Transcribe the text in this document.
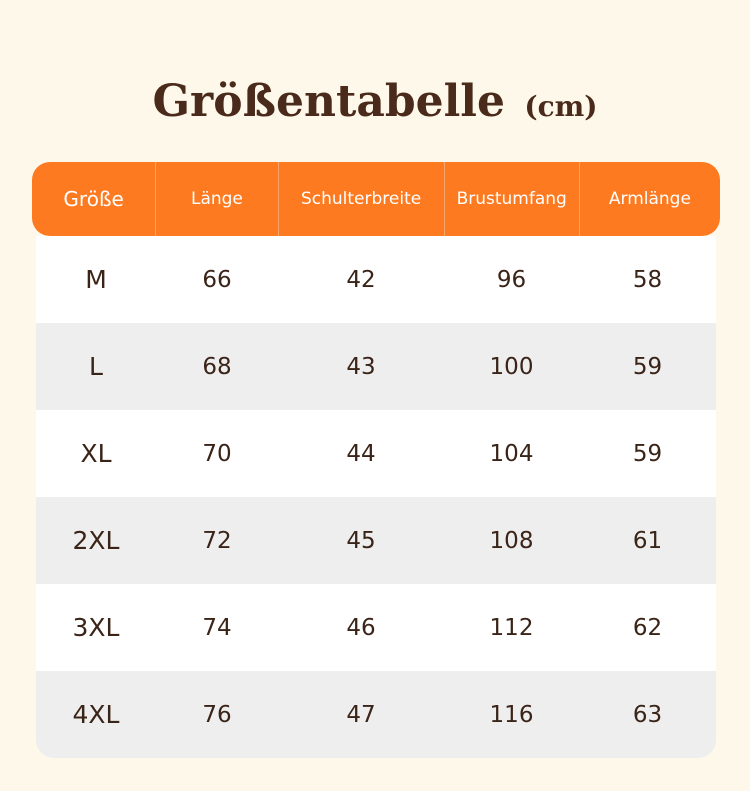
Größentabelle (cm)
Größe	Länge	Schulterbreite	Brustumfang	Armlänge
M	66	42	96	58
L	68	43	100	59
XL	70	44	104	59
2XL	72	45	108	61
3XL	74	46	112	62
4XL	76	47	116	63
